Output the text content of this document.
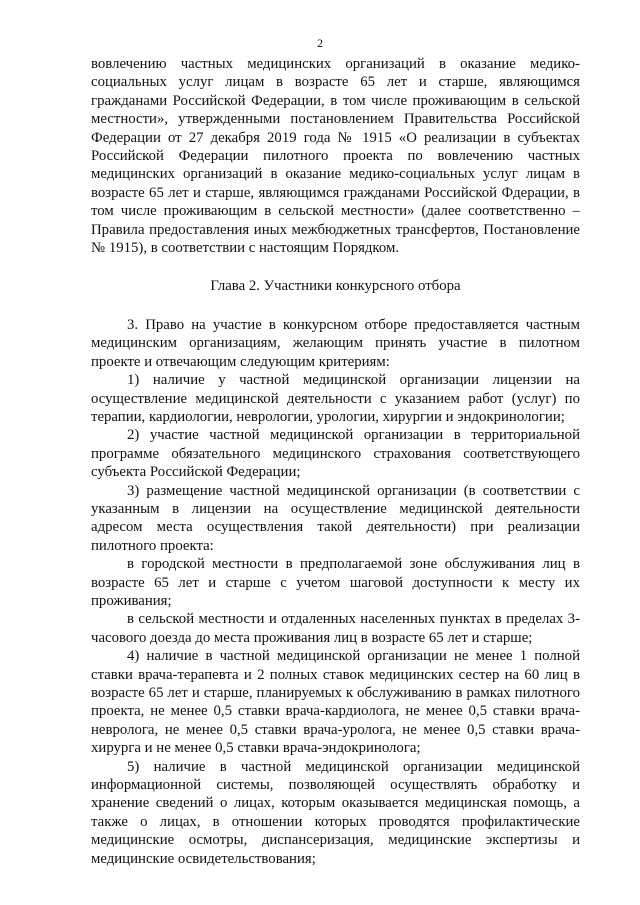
2

вовлечению частных медицинских организаций в оказание медико-социальных услуг лицам в возрасте 65 лет и старше, являющимся гражданами Российской Федерации, в том числе проживающим в сельской местности», утвержденными постановлением Правительства Российской Федерации от 27 декабря 2019 года № 1915 «О реализации в субъектах Российской Федерации пилотного проекта по вовлечению частных медицинских организаций в оказание медико-социальных услуг лицам в возрасте 65 лет и старше, являющимся гражданами Российской Фдерации, в том числе проживающим в сельской местности» (далее соответственно – Правила предоставления иных межбюджетных трансфертов, Постановление № 1915), в соответствии с настоящим Порядком.

Глава 2. Участники конкурсного отбора

3. Право на участие в конкурсном отборе предоставляется частным медицинским организациям, желающим принять участие в пилотном проекте и отвечающим следующим критериям:

1) наличие у частной медицинской организации лицензии на осуществление медицинской деятельности с указанием работ (услуг) по терапии, кардиологии, неврологии, урологии, хирургии и эндокринологии;

2) участие частной медицинской организации в территориальной программе обязательного медицинского страхования соответствующего субъекта Российской Федерации;

3) размещение частной медицинской организации (в соответствии с указанным в лицензии на осуществление медицинской деятельности адресом места осуществления такой деятельности) при реализации пилотного проекта:

в городской местности в предполагаемой зоне обслуживания лиц в возрасте 65 лет и старше с учетом шаговой доступности к месту их проживания;

в сельской местности и отдаленных населенных пунктах в пределах 3-часового доезда до места проживания лиц в возрасте 65 лет и старше;

4) наличие в частной медицинской организации не менее 1 полной ставки врача-терапевта и 2 полных ставок медицинских сестер на 60 лиц в возрасте 65 лет и старше, планируемых к обслуживанию в рамках пилотного проекта, не менее 0,5 ставки врача-кардиолога, не менее 0,5 ставки врача-невролога, не менее 0,5 ставки врача-уролога, не менее 0,5 ставки врача-хирурга и не менее 0,5 ставки врача-эндокринолога;

5) наличие в частной медицинской организации медицинской информационной системы, позволяющей осуществлять обработку и хранение сведений о лицах, которым оказывается медицинская помощь, а также о лицах, в отношении которых проводятся профилактические медицинские осмотры, диспансеризация, медицинские экспертизы и медицинские освидетельствования;
